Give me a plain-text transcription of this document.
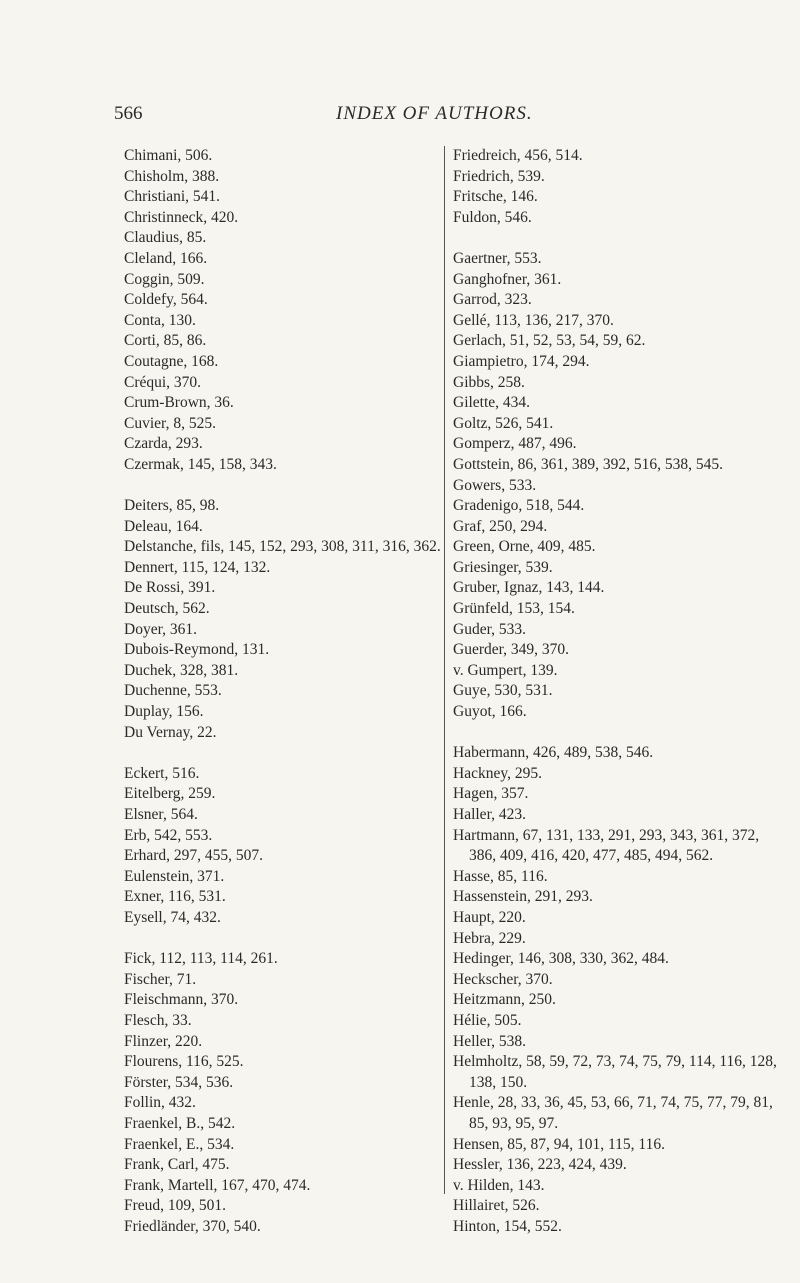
566	INDEX OF AUTHORS.
Chimani, 506.
Chisholm, 388.
Christiani, 541.
Christinneck, 420.
Claudius, 85.
Cleland, 166.
Coggin, 509.
Coldefy, 564.
Conta, 130.
Corti, 85, 86.
Coutagne, 168.
Créqui, 370.
Crum-Brown, 36.
Cuvier, 8, 525.
Czarda, 293.
Czermak, 145, 158, 343.
Deiters, 85, 98.
Deleau, 164.
Delstanche, fils, 145, 152, 293, 308, 311, 316, 362.
Dennert, 115, 124, 132.
De Rossi, 391.
Deutsch, 562.
Doyer, 361.
Dubois-Reymond, 131.
Duchek, 328, 381.
Duchenne, 553.
Duplay, 156.
Du Vernay, 22.
Eckert, 516.
Eitelberg, 259.
Elsner, 564.
Erb, 542, 553.
Erhard, 297, 455, 507.
Eulenstein, 371.
Exner, 116, 531.
Eysell, 74, 432.
Fick, 112, 113, 114, 261.
Fischer, 71.
Fleischmann, 370.
Flesch, 33.
Flinzer, 220.
Flourens, 116, 525.
Förster, 534, 536.
Follin, 432.
Fraenkel, B., 542.
Fraenkel, E., 534.
Frank, Carl, 475.
Frank, Martell, 167, 470, 474.
Freud, 109, 501.
Friedländer, 370, 540.
Friedreich, 456, 514.
Friedrich, 539.
Fritsche, 146.
Fuldon, 546.
Gaertner, 553.
Ganghofner, 361.
Garrod, 323.
Gellé, 113, 136, 217, 370.
Gerlach, 51, 52, 53, 54, 59, 62.
Giampietro, 174, 294.
Gibbs, 258.
Gilette, 434.
Goltz, 526, 541.
Gomperz, 487, 496.
Gottstein, 86, 361, 389, 392, 516, 538, 545.
Gowers, 533.
Gradenigo, 518, 544.
Graf, 250, 294.
Green, Orne, 409, 485.
Griesinger, 539.
Gruber, Ignaz, 143, 144.
Grünfeld, 153, 154.
Guder, 533.
Guerder, 349, 370.
v. Gumpert, 139.
Guye, 530, 531.
Guyot, 166.
Habermann, 426, 489, 538, 546.
Hackney, 295.
Hagen, 357.
Haller, 423.
Hartmann, 67, 131, 133, 291, 293, 343, 361, 372, 386, 409, 416, 420, 477, 485, 494, 562.
Hasse, 85, 116.
Hassenstein, 291, 293.
Haupt, 220.
Hebra, 229.
Hedinger, 146, 308, 330, 362, 484.
Heckscher, 370.
Heitzmann, 250.
Hélie, 505.
Heller, 538.
Helmholtz, 58, 59, 72, 73, 74, 75, 79, 114, 116, 128, 138, 150.
Henle, 28, 33, 36, 45, 53, 66, 71, 74, 75, 77, 79, 81, 85, 93, 95, 97.
Hensen, 85, 87, 94, 101, 115, 116.
Hessler, 136, 223, 424, 439.
v. Hilden, 143.
Hillairet, 526.
Hinton, 154, 552.
